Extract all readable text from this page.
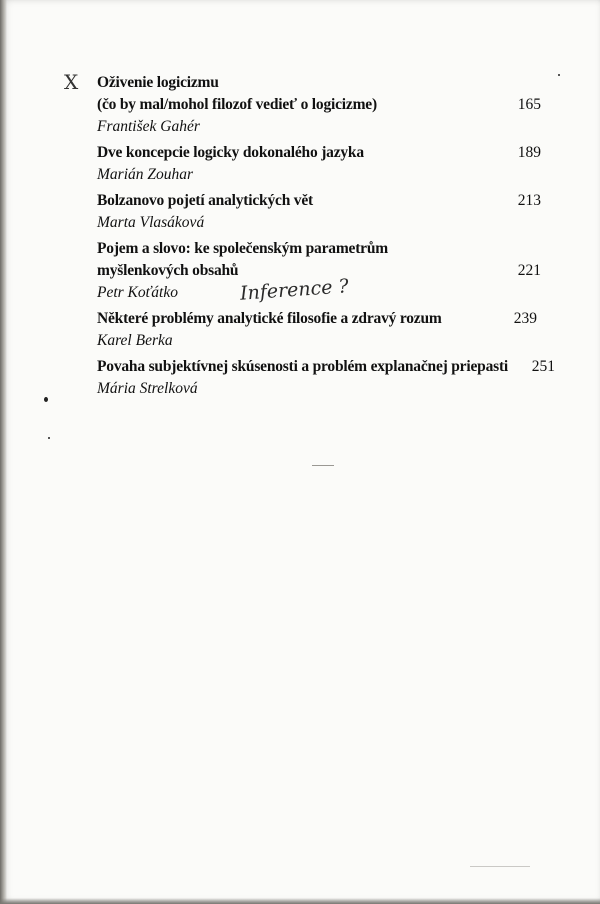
X Oživenie logicizmu
(čo by mal/mohol filozof vedieť o logicizme)	165
František Gahér
Dve koncepcie logicky dokonalého jazyka	189
Marián Zouhar
Bolzanovo pojetí analytických vět	213
Marta Vlasáková
Pojem a slovo: ke společenským parametrům
myšlenkových obsahů	221
Petr Koťátko	Inference ?
Některé problémy analytické filosofie a zdravý rozum	239
Karel Berka
Povaha subjektívnej skúsenosti a problém explanačnej priepasti	251
Mária Strelková
